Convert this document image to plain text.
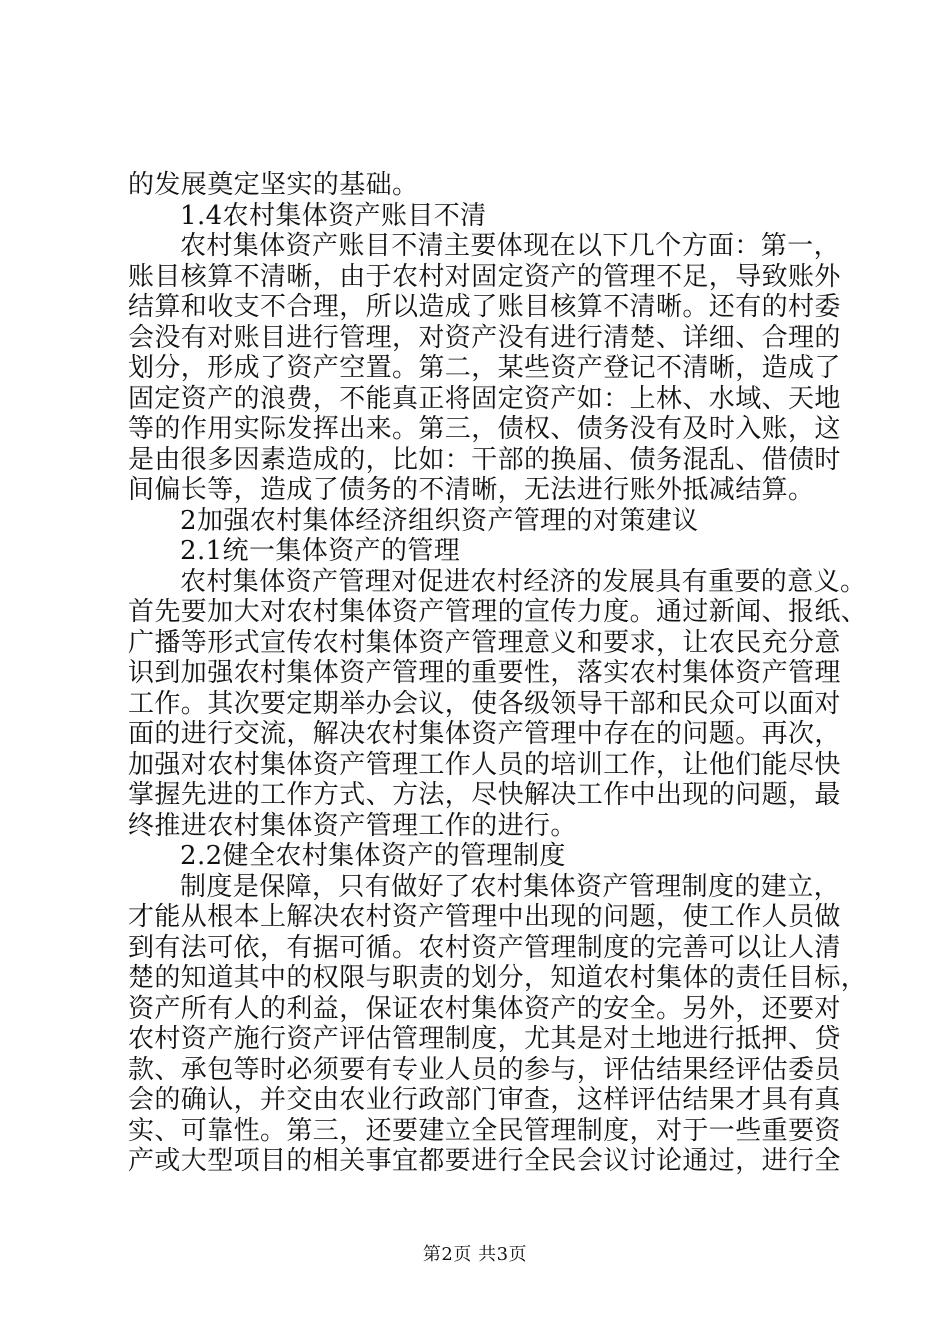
的发展奠定坚实的基础。
1.4农村集体资产账目不清
农村集体资产账目不清主要体现在以下几个方面：第一，
账目核算不清晰，由于农村对固定资产的管理不足，导致账外
结算和收支不合理，所以造成了账目核算不清晰。还有的村委
会没有对账目进行管理，对资产没有进行清楚、详细、合理的
划分，形成了资产空置。第二，某些资产登记不清晰，造成了
固定资产的浪费，不能真正将固定资产如：上林、水域、天地
等的作用实际发挥出来。第三，债权、债务没有及时入账，这
是由很多因素造成的，比如：干部的换届、债务混乱、借债时
间偏长等，造成了债务的不清晰，无法进行账外抵减结算。
2加强农村集体经济组织资产管理的对策建议
2.1统一集体资产的管理
农村集体资产管理对促进农村经济的发展具有重要的意义。
首先要加大对农村集体资产管理的宣传力度。通过新闻、报纸、
广播等形式宣传农村集体资产管理意义和要求，让农民充分意
识到加强农村集体资产管理的重要性，落实农村集体资产管理
工作。其次要定期举办会议，使各级领导干部和民众可以面对
面的进行交流，解决农村集体资产管理中存在的问题。再次，
加强对农村集体资产管理工作人员的培训工作，让他们能尽快
掌握先进的工作方式、方法，尽快解决工作中出现的问题，最
终推进农村集体资产管理工作的进行。
2.2健全农村集体资产的管理制度
制度是保障，只有做好了农村集体资产管理制度的建立，
才能从根本上解决农村资产管理中出现的问题，使工作人员做
到有法可依，有据可循。农村资产管理制度的完善可以让人清
楚的知道其中的权限与职责的划分，知道农村集体的责任目标，
资产所有人的利益，保证农村集体资产的安全。另外，还要对
农村资产施行资产评估管理制度，尤其是对土地进行抵押、贷
款、承包等时必须要有专业人员的参与，评估结果经评估委员
会的确认，并交由农业行政部门审查，这样评估结果才具有真
实、可靠性。第三，还要建立全民管理制度，对于一些重要资
产或大型项目的相关事宜都要进行全民会议讨论通过，进行全
第2页 共3页
